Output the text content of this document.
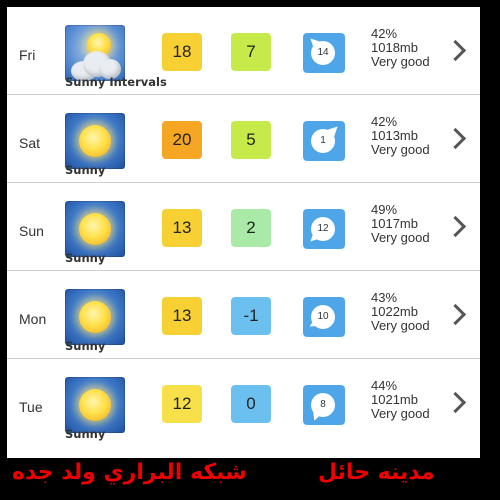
Fri
Sunny Intervals
18	7	14
42%
1018mb
Very good
Sat
Sunny
20	5	1
42%
1013mb
Very good
Sun
Sunny
13	2	12
49%
1017mb
Very good
Mon
Sunny
13	-1	10
43%
1022mb
Very good
Tue
Sunny
12	0	8
44%
1021mb
Very good
شبكه البراري ولد جده	مدينه حائل
